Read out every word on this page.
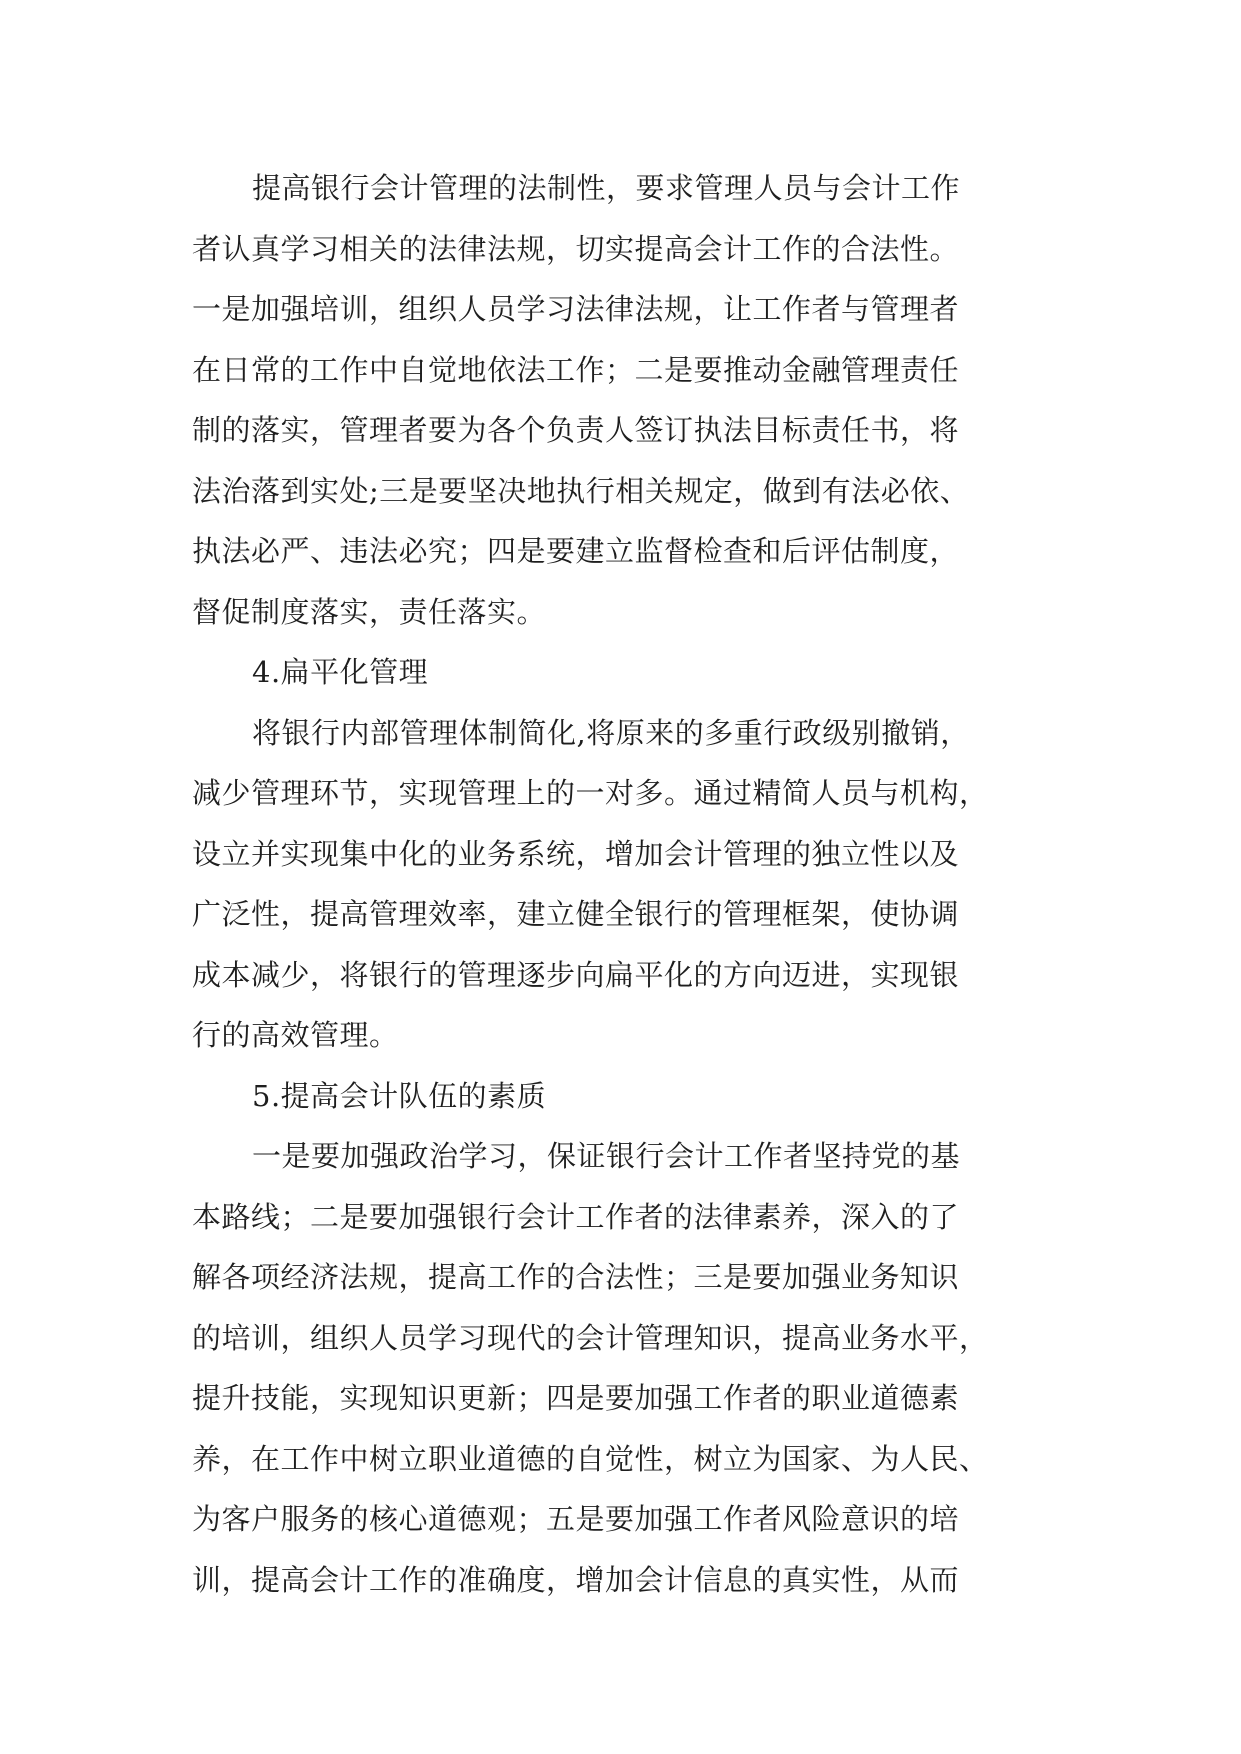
提高银行会计管理的法制性，要求管理人员与会计工作
者认真学习相关的法律法规，切实提高会计工作的合法性。
一是加强培训，组织人员学习法律法规，让工作者与管理者
在日常的工作中自觉地依法工作；二是要推动金融管理责任
制的落实，管理者要为各个负责人签订执法目标责任书，将
法治落到实处;三是要坚决地执行相关规定，做到有法必依、
执法必严、违法必究；四是要建立监督检查和后评估制度，
督促制度落实，责任落实。
4.扁平化管理
将银行内部管理体制简化,将原来的多重行政级别撤销，
减少管理环节，实现管理上的一对多。通过精简人员与机构，
设立并实现集中化的业务系统，增加会计管理的独立性以及
广泛性，提高管理效率，建立健全银行的管理框架，使协调
成本减少，将银行的管理逐步向扁平化的方向迈进，实现银
行的高效管理。
5.提高会计队伍的素质
一是要加强政治学习，保证银行会计工作者坚持党的基
本路线；二是要加强银行会计工作者的法律素养，深入的了
解各项经济法规，提高工作的合法性；三是要加强业务知识
的培训，组织人员学习现代的会计管理知识，提高业务水平，
提升技能，实现知识更新；四是要加强工作者的职业道德素
养，在工作中树立职业道德的自觉性，树立为国家、为人民、
为客户服务的核心道德观；五是要加强工作者风险意识的培
训，提高会计工作的准确度，增加会计信息的真实性，从而
